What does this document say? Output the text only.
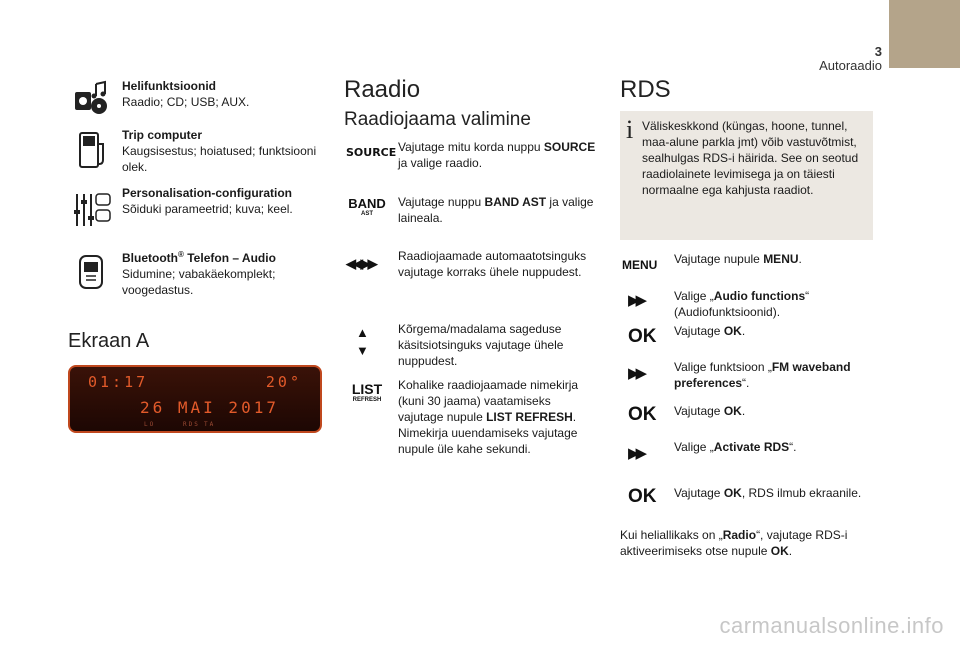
3
Autoraadio
Helifunktsioonid
Raadio; CD; USB; AUX.
Trip computer
Kaugsisestus; hoiatused; funktsiooni olek.
Personalisation-configuration
Sõiduki parameetrid; kuva; keel.
Bluetooth® Telefon – Audio
Sidumine; vabakäekomplekt; voogedastus.
Ekraan A
01:17	20°
26 MAI 2017
LO	RDS TA
Raadio
Raadiojaama valimine
SOURCE Vajutage mitu korda nuppu SOURCE ja valige raadio.
BAND
AST
Vajutage nuppu BAND AST ja valige laineala.
◀◀ ▶▶ Raadiojaamade automaatotsinguks vajutage korraks ühele nuppudest.
▲
▼
Kõrgema/madalama sageduse käsitsiotsinguks vajutage ühele nuppudest.
LIST
REFRESH
Kohalike raadiojaamade nimekirja (kuni 30 jaama) vaatamiseks vajutage nupule LIST REFRESH. Nimekirja uuendamiseks vajutage nupule üle kahe sekundi.
RDS
i Väliskeskkond (küngas, hoone, tunnel, maa-alune parkla jmt) võib vastuvõtmist, sealhulgas RDS-i häirida. See on seotud raadiolainete levimisega ja on täiesti normaalne ega kahjusta raadiot.
MENU Vajutage nupule MENU.
▶▶	Valige „Audio functions“ (Audiofunktsioonid).
OK Vajutage OK.
▶▶	Valige funktsioon „FM waveband preferences“.
OK Vajutage OK.
▶▶	Valige „Activate RDS“.
OK Vajutage OK, RDS ilmub ekraanile.
Kui heliallikaks on „Radio“, vajutage RDS-i aktiveerimiseks otse nupule OK.
carmanualsonline.info
